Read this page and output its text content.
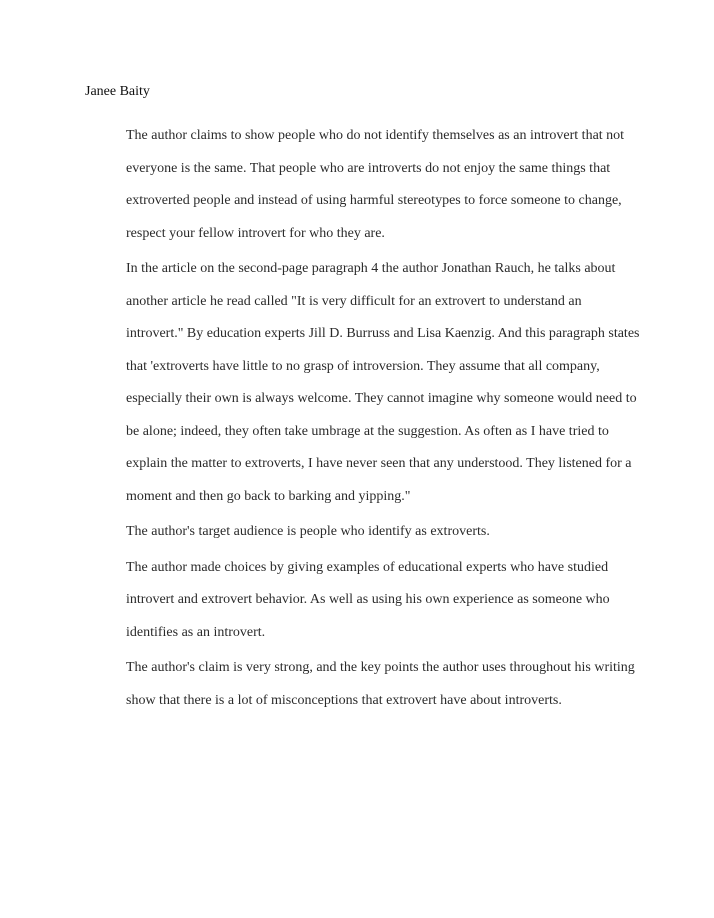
Janee Baity

The author claims to show people who do not identify themselves as an introvert that not everyone is the same. That people who are introverts do not enjoy the same things that extroverted people and instead of using harmful stereotypes to force someone to change, respect your fellow introvert for who they are.

In the article on the second-page paragraph 4 the author Jonathan Rauch, he talks about another article he read called "It is very difficult for an extrovert to understand an introvert." By education experts Jill D. Burruss and Lisa Kaenzig. And this paragraph states that 'extroverts have little to no grasp of introversion. They assume that all company, especially their own is always welcome. They cannot imagine why someone would need to be alone; indeed, they often take umbrage at the suggestion. As often as I have tried to explain the matter to extroverts, I have never seen that any understood. They listened for a moment and then go back to barking and yipping."

The author's target audience is people who identify as extroverts.

The author made choices by giving examples of educational experts who have studied introvert and extrovert behavior. As well as using his own experience as someone who identifies as an introvert.

The author's claim is very strong, and the key points the author uses throughout his writing show that there is a lot of misconceptions that extrovert have about introverts.
